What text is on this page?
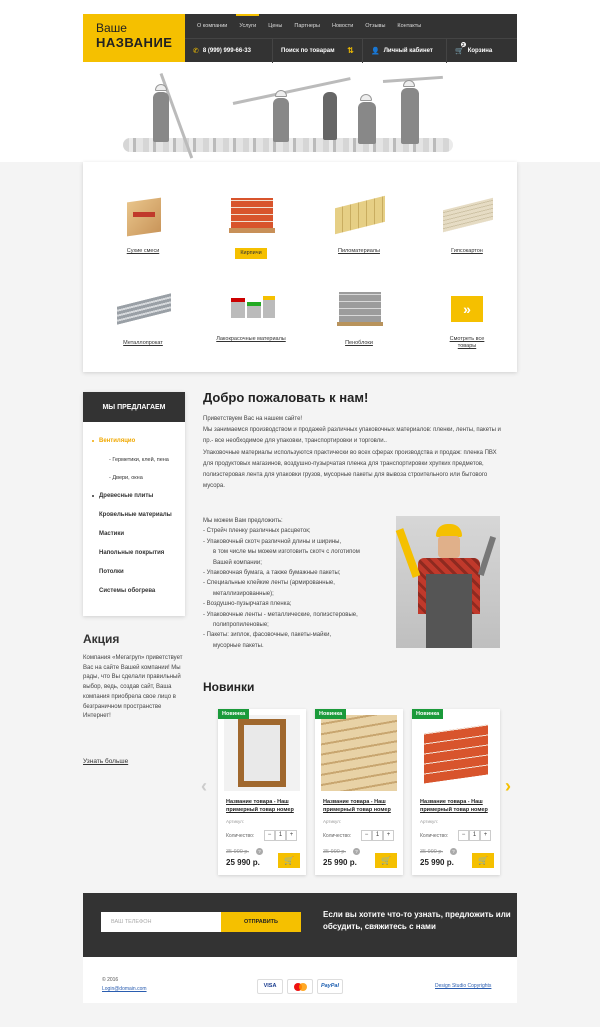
Ваше
НАЗВАНИЕ
О компании Услуги Цены Партнеры Новости Отзывы Контакты
✆ 8 (999) 999-66-33	Поиск по товарам ⇅ 👤 Личный кабинет	🛒
2
Корзина
Сухие смеси	Кирпичи	Пиломатериалы	Гипсокартон
Металлопрокат
Лакокрасочные материалы
Пеноблоки
»
Смотреть все товары
МЫ ПРЕДЛАГАЕМ
Вентиляцио
- Герметики, клей, пена
- Двери, окна
Древесные плиты
Кровельные материалы
Мастики
Напольные покрытия
Потолки
Системы обогрева
Акция
Компания «Мегагруп» приветствует Вас на сайте Вашей компании! Мы рады, что Вы сделали правильный выбор, ведь, создав сайт, Ваша компания приобрела свое лицо в безграничном пространстве Интернет!
Узнать больше
Добро пожаловать к нам!

Приветствуем Вас на нашем сайте!

Мы занимаемся производством и продажей различных упаковочных материалов: пленки, ленты, пакеты и пр.- все необходимое для упаковки, транспортировки и торговли..

Упаковочные материалы используются практически во всех сферах производства и продаж: пленка ПВХ для продуктовых магазинов, воздушно-пузырчатая пленка для транспортировки хрупких предметов, полиэстеровая лента для упаковки грузов, мусорные пакеты для вывоза строительного или бытового мусора.

Мы можем Вам предложить:
- Стрейч пленку различных расцветок;
- Упаковочный скотч различной длины и ширины,
в том числе мы можем изготовить скотч с логотипом
Вашей компании;
- Упаковочная бумага, а также бумажные пакеты;
- Специальные клейкие ленты (армированные,
металлизированные);
- Воздушно-пузырчатая пленка;
- Упаковочные ленты - металлические, полиэстеровые,
полипропиленовые;
- Пакеты: зиплок, фасовочные, пакеты-майки,
мусорные пакеты.
Новинки
‹	›
Новинка
Название товара - Наш примерный товар номер
Артикул:
Количество:	−	1	+
35 990 р.	?
25 990 р.	🛒
Новинка
Название товара - Наш примерный товар номер
Артикул:
Количество:	−	1	+
35 990 р.	?
25 990 р.	🛒
Новинка
Название товара - Наш примерный товар номер
Артикул:
Количество:	−	1	+
35 990 р.	?
25 990 р.	🛒
ВАШ ТЕЛЕФОН
ОТПРАВИТЬ
Если вы хотите что-то узнать, предложить или обсудить, свяжитесь с нами
© 2016
Login@domain.com	VISA	PayPal	Design Studio Copyrights
